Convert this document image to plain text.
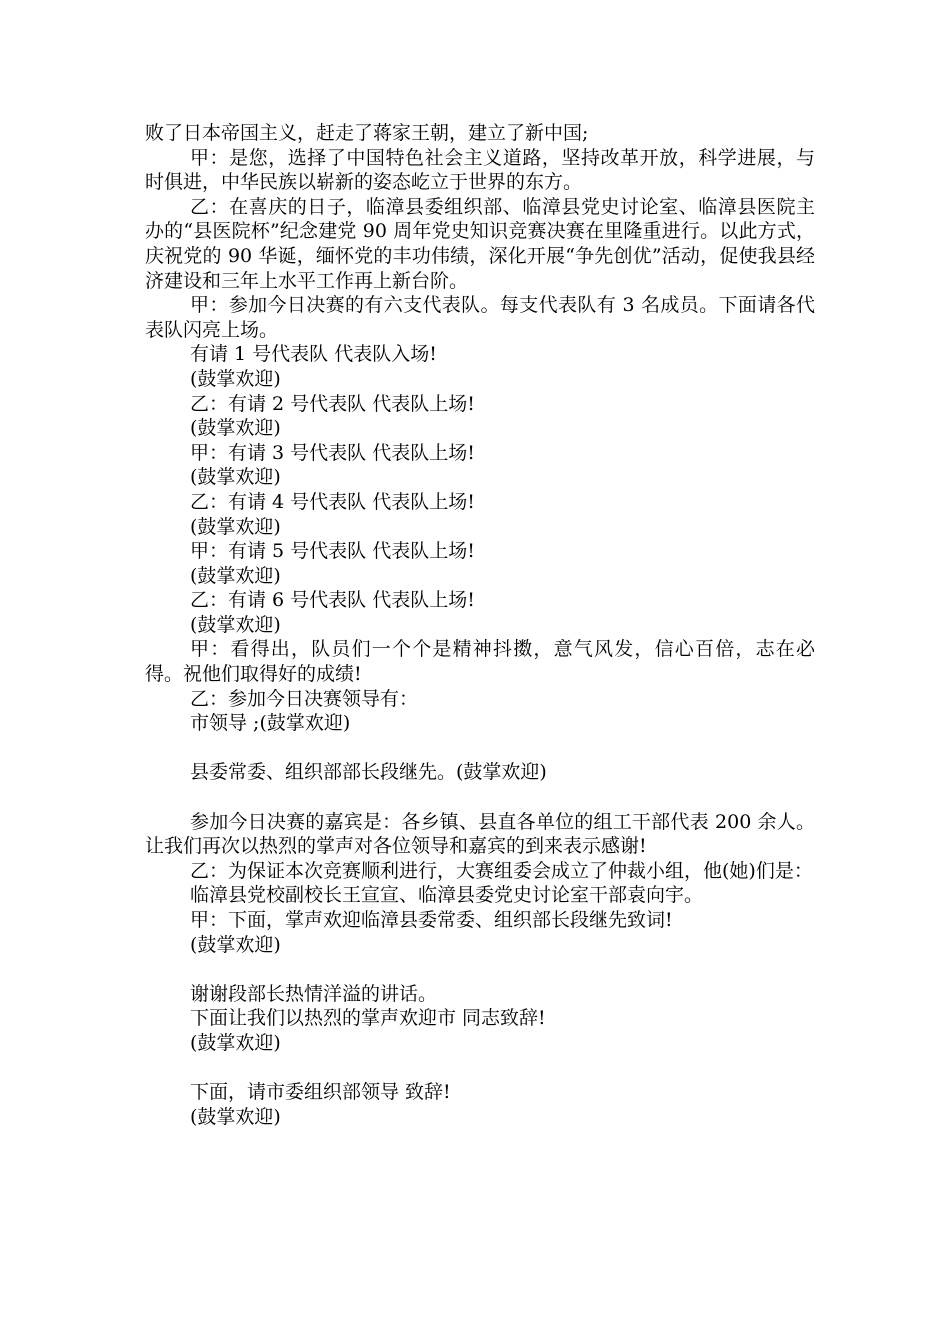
败了日本帝国主义，赶走了蒋家王朝，建立了新中国;

甲：是您，选择了中国特色社会主义道路，坚持改革开放，科学进展，与时俱进，中华民族以崭新的姿态屹立于世界的东方。

乙：在喜庆的日子，临漳县委组织部、临漳县党史讨论室、临漳县医院主办的“县医院杯”纪念建党 90 周年党史知识竞赛决赛在里隆重进行。以此方式，庆祝党的 90 华诞，缅怀党的丰功伟绩，深化开展“争先创优”活动，促使我县经济建设和三年上水平工作再上新台阶。

甲：参加今日决赛的有六支代表队。每支代表队有 3 名成员。下面请各代表队闪亮上场。

有请 1 号代表队 代表队入场!

(鼓掌欢迎)

乙：有请 2 号代表队 代表队上场!

(鼓掌欢迎)

甲：有请 3 号代表队 代表队上场!

(鼓掌欢迎)

乙：有请 4 号代表队 代表队上场!

(鼓掌欢迎)

甲：有请 5 号代表队 代表队上场!

(鼓掌欢迎)

乙：有请 6 号代表队 代表队上场!

(鼓掌欢迎)

甲：看得出，队员们一个个是精神抖擞，意气风发，信心百倍，志在必得。祝他们取得好的成绩!

乙：参加今日决赛领导有：

市领导 ;(鼓掌欢迎)

县委常委、组织部部长段继先。(鼓掌欢迎)

参加今日决赛的嘉宾是：各乡镇、县直各单位的组工干部代表 200 余人。让我们再次以热烈的掌声对各位领导和嘉宾的到来表示感谢!

乙：为保证本次竞赛顺利进行，大赛组委会成立了仲裁小组，他(她)们是：

临漳县党校副校长王宣宣、临漳县委党史讨论室干部袁向宇。

甲：下面，掌声欢迎临漳县委常委、组织部长段继先致词!

(鼓掌欢迎)

谢谢段部长热情洋溢的讲话。

下面让我们以热烈的掌声欢迎市 同志致辞!

(鼓掌欢迎)

下面，请市委组织部领导 致辞!

(鼓掌欢迎)
